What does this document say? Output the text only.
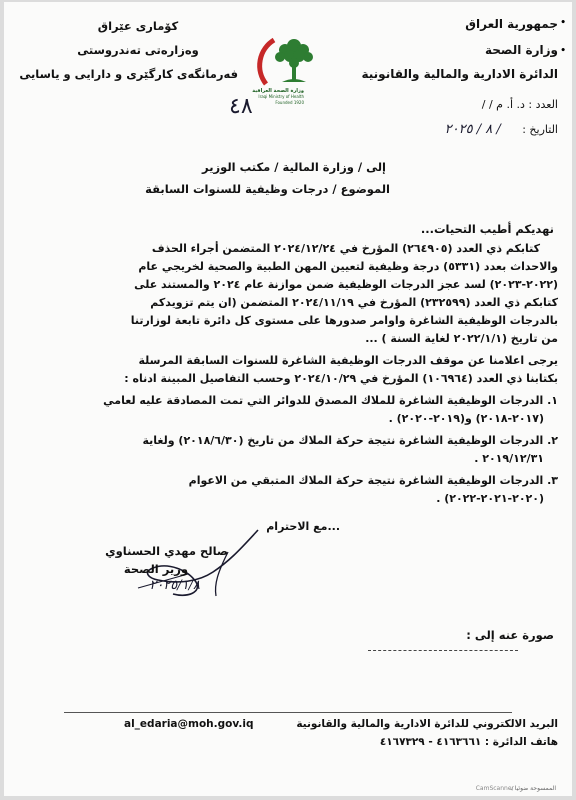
جمهورية العراق
وزارة الصحة
الدائرة الادارية والمالية والقانونية
•
•
كۆماری عێراق
وەزارەتی تەندروستی
فەرمانگەی کارگێری و دارایی و یاسایی
وزارة الصحة العراقية
Iraqi Ministry of Health
Founded 1920	العدد : د. أ. م / /
التاريخ : / ٨ / ٢٠٢٥
٤٨
إلى / وزارة المالية / مكتب الوزير
الموضوع / درجات وظيفية للسنوات السابقة
نهديكم أطيب التحيات...
كتابكم ذي العدد (٢٦٤٩٠٥) المؤرخ في ٢٠٢٤/١٢/٢٤ المتضمن أجراء الحذف
والاحداث بعدد (٥٣٣١) درجة وظيفية لتعيين المهن الطبية والصحية لخريجي عام
(٢٠٢٢-٢٠٢٣) لسد عجز الدرجات الوظيفية ضمن موازنة عام ٢٠٢٤ والمستند على
كتابكم ذي العدد (٢٣٢٥٩٩) المؤرخ في ٢٠٢٤/١١/١٩ المتضمن (ان يتم تزويدكم
بالدرجات الوظيفية الشاغرة واوامر صدورها على مستوى كل دائرة تابعة لوزارتنا
من تاريخ (٢٠٢٢/١/١ لغاية السنة ) ...
يرجى اعلامنا عن موقف الدرجات الوظيفية الشاغرة للسنوات السابقة المرسلة
بكتابنا ذي العدد (١٠٦٩٦٤) المؤرخ في ٢٠٢٤/١٠/٢٩ وحسب التفاصيل المبينة ادناه :
١. الدرجات الوظيفية الشاغرة للملاك المصدق للدوائر التي تمت المصادقة عليه لعامي
(٢٠١٧-٢٠١٨) و(٢٠١٩-٢٠٢٠) .
٢. الدرجات الوظيفية الشاغرة نتيجة حركة الملاك من تاريخ (٢٠١٨/٦/٣٠) ولغاية
٢٠١٩/١٢/٣١ .
٣. الدرجات الوظيفية الشاغرة نتيجة حركة الملاك المتبقي من الاعوام
(٢٠٢٠-٢٠٢١-٢٠٢٢) .
...مع الاحترام
صالح مهدي الحسناوي
وزير الصحة
٢٠٢٥/١/٨
صورة عنه إلى :
البريد الالكتروني للدائرة الادارية والمالية والقانونية
al_edaria@moh.gov.iq
هاتف الدائرة : ٤١٦٣٦٦١ - ٤١٦٧٣٢٩
الممسوحة ضوئيا بـ
CamScanner
